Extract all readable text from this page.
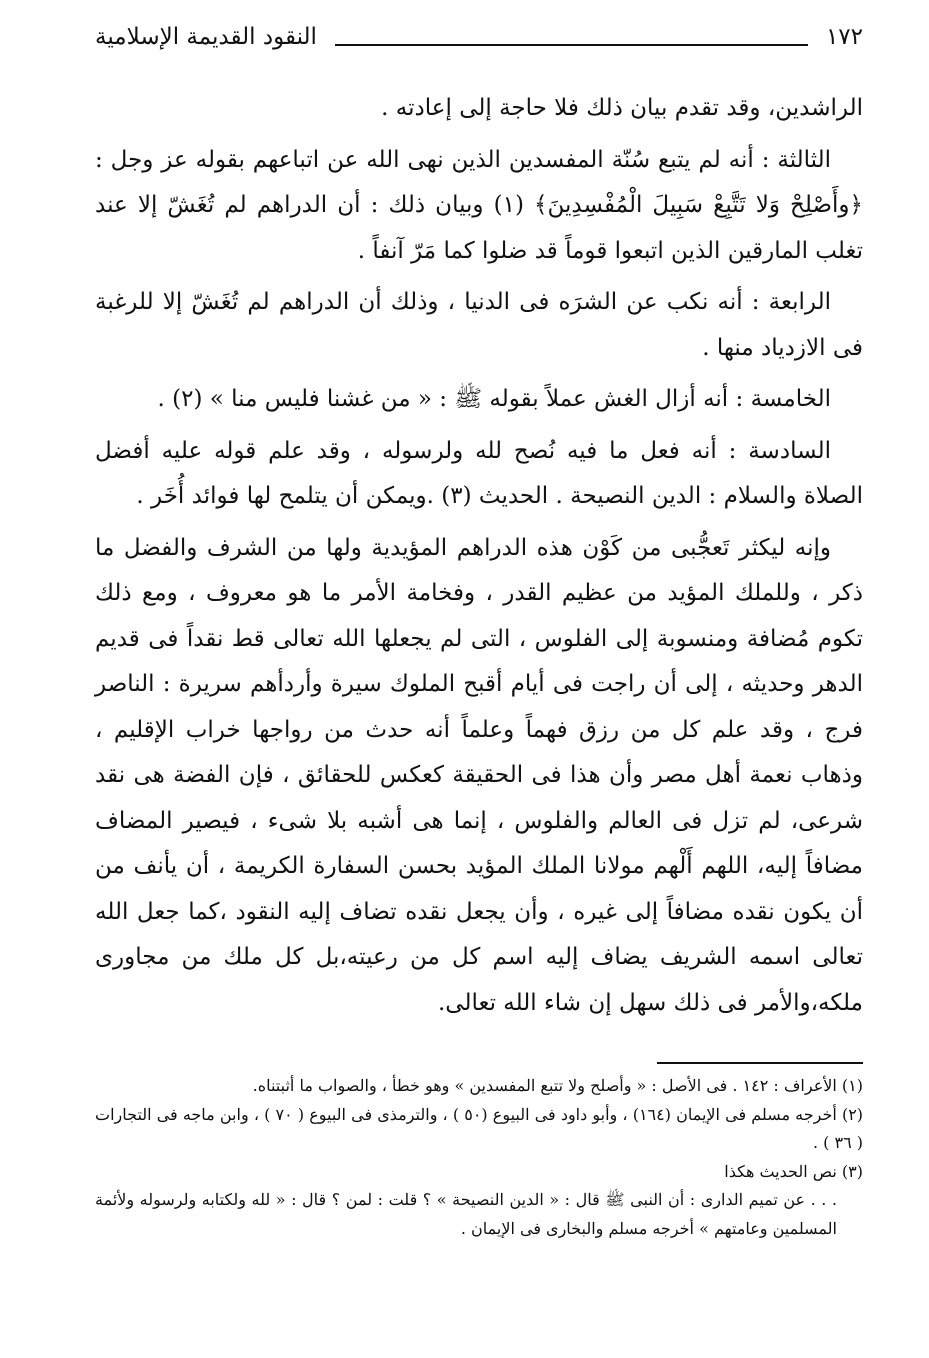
١٧٢
النقود القديمة الإسلامية

الراشدين، وقد تقدم بيان ذلك فلا حاجة إلى إعادته .

الثالثة : أنه لم يتبع سُنّة المفسدين الذين نهى الله عن اتباعهم بقوله عز وجل : ﴿وأَصْلِحْ وَلا تَتَّبِعْ سَبِيلَ الْمُفْسِدِينَ﴾ (١) وبيان ذلك : أن الدراهم لم تُغَشّ إلا عند تغلب المارقين الذين اتبعوا قوماً قد ضلوا كما مَرّ آنفاً .

الرابعة : أنه نكب عن الشرَه فى الدنيا ، وذلك أن الدراهم لم تُغَشّ إلا للرغبة فى الازدياد منها .

الخامسة : أنه أزال الغش عملاً بقوله ﷺ : « من غشنا فليس منا » (٢) .

السادسة : أنه فعل ما فيه نُصح لله ولرسوله ، وقد علم قوله عليه أفضل الصلاة والسلام : الدين النصيحة . الحديث (٣) .ويمكن أن يتلمح لها فوائد أُخَر .

وإنه ليكثر تَعجُّبى من كَوْن هذه الدراهم المؤيدية ولها من الشرف والفضل ما ذكر ، وللملك المؤيد من عظيم القدر ، وفخامة الأمر ما هو معروف ، ومع ذلك تكوم مُضافة ومنسوبة إلى الفلوس ، التى لم يجعلها الله تعالى قط نقداً فى قديم الدهر وحديثه ، إلى أن راجت فى أيام أقبح الملوك سيرة وأردأهم سريرة : الناصر فرج ، وقد علم كل من رزق فهماً وعلماً أنه حدث من رواجها خراب الإقليم ، وذهاب نعمة أهل مصر وأن هذا فى الحقيقة كعكس للحقائق ، فإن الفضة هى نقد شرعى، لم تزل فى العالم والفلوس ، إنما هى أشبه بلا شىء ، فيصير المضاف مضافاً إليه، اللهم أَلْهم مولانا الملك المؤيد بحسن السفارة الكريمة ، أن يأنف من أن يكون نقده مضافاً إلى غيره ، وأن يجعل نقده تضاف إليه النقود ،كما جعل الله تعالى اسمه الشريف يضاف إليه اسم كل من رعيته،بل كل ملك من مجاورى ملكه،والأمر فى ذلك سهل إن شاء الله تعالى.

(١) الأعراف : ١٤٢ . فى الأصل : « وأصلح ولا تتبع المفسدين » وهو خطأ ، والصواب ما أثبتناه.

(٢) أخرجه مسلم فى الإيمان (١٦٤) ، وأبو داود فى البيوع (٥٠ ) ، والترمذى فى البيوع ( ٧٠ ) ، وابن ماجه فى التجارات ( ٣٦ ) .

(٣) نص الحديث هكذا

. . . عن تميم الدارى : أن النبى ﷺ قال : « الدين النصيحة » ؟ قلت : لمن ؟ قال : « لله ولكتابه ولرسوله ولأئمة المسلمين وعامتهم » أخرجه مسلم والبخارى فى الإيمان .
